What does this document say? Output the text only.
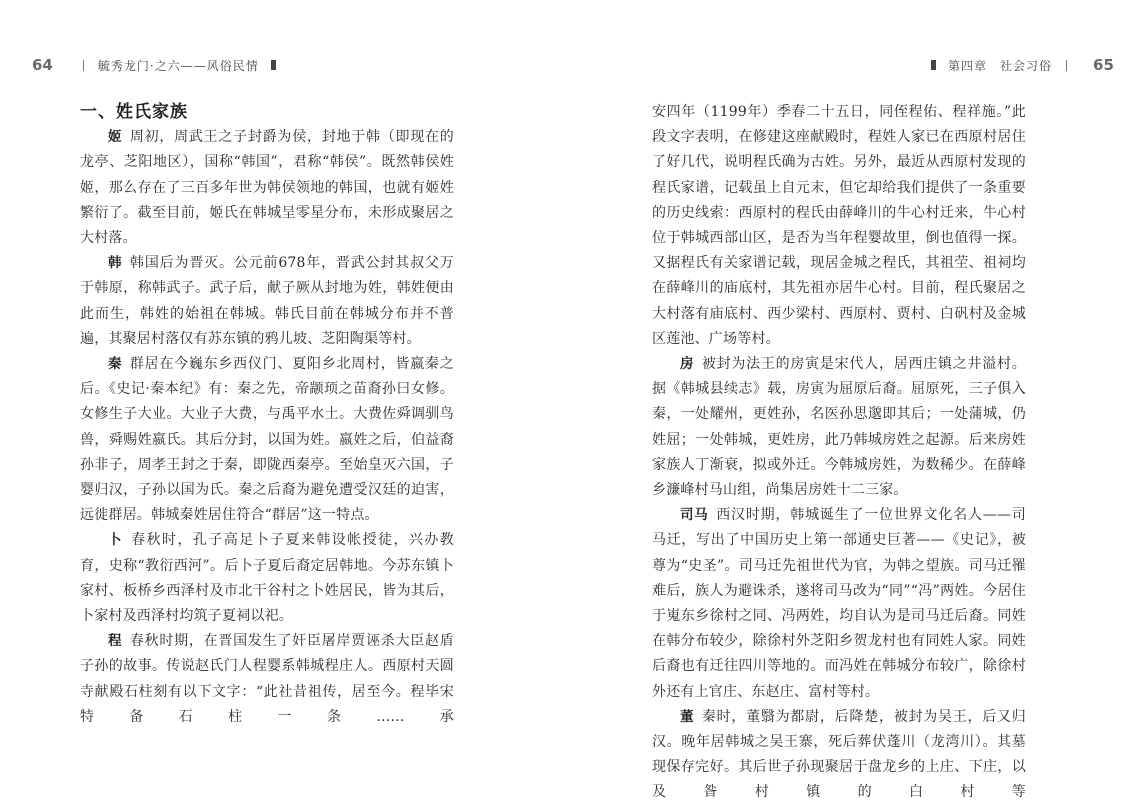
64	毓秀龙门·之六——风俗民情

一、姓氏家族

姬 周初，周武王之子封爵为侯，封地于韩（即现在的龙亭、芝阳地区），国称“韩国”，君称“韩侯”。既然韩侯姓姬，那么存在了三百多年世为韩侯领地的韩国，也就有姬姓繁衍了。截至目前，姬氏在韩城呈零星分布，未形成聚居之大村落。

韩 韩国后为晋灭。公元前678年，晋武公封其叔父万于韩原，称韩武子。武子后，献子厥从封地为姓，韩姓便由此而生，韩姓的始祖在韩城。韩氏目前在韩城分布并不普遍，其聚居村落仅有苏东镇的鸦儿坡、芝阳陶渠等村。

秦 群居在今巍东乡西仪门、夏阳乡北周村，皆嬴秦之后。《史记·秦本纪》有：秦之先，帝颛顼之苗裔孙曰女修。女修生子大业。大业子大费，与禹平水土。大费佐舜调驯鸟兽，舜赐姓嬴氏。其后分封，以国为姓。嬴姓之后，伯益裔孙非子，周孝王封之于秦，即陇西秦亭。至始皇灭六国，子婴归汉，子孙以国为氏。秦之后裔为避免遭受汉廷的迫害，远徙群居。韩城秦姓居住符合“群居”这一特点。

卜 春秋时，孔子高足卜子夏来韩设帐授徒，兴办教育，史称“教衍西河”。后卜子夏后裔定居韩地。今苏东镇卜家村、板桥乡西泽村及市北干谷村之卜姓居民，皆为其后，卜家村及西泽村均筑子夏祠以祀。

程 春秋时期，在晋国发生了奸臣屠岸贾诬杀大臣赵盾子孙的故事。传说赵氏门人程婴系韩城程庄人。西原村天圆寺献殿石柱刻有以下文字：“此社昔祖传，居至今。程毕宋特备石柱一条……承

第四章　社会习俗	65

安四年（1199年）季春二十五日，同侄程佑、程祥施。”此段文字表明，在修建这座献殿时，程姓人家已在西原村居住了好几代，说明程氏确为古姓。另外，最近从西原村发现的程氏家谱，记载虽上自元末，但它却给我们提供了一条重要的历史线索：西原村的程氏由薛峰川的牛心村迁来，牛心村位于韩城西部山区，是否为当年程婴故里，倒也值得一探。又据程氏有关家谱记载，现居金城之程氏，其祖茔、祖祠均在薛峰川的庙底村，其先祖亦居牛心村。目前，程氏聚居之大村落有庙底村、西少梁村、西原村、贾村、白矾村及金城区莲池、广场等村。

房 被封为法王的房寅是宋代人，居西庄镇之井溢村。据《韩城县续志》载，房寅为屈原后裔。屈原死，三子俱入秦，一处耀州，更姓孙，名医孙思邈即其后；一处蒲城，仍姓屈；一处韩城，更姓房，此乃韩城房姓之起源。后来房姓家族人丁渐衰，拟或外迁。今韩城房姓，为数稀少。在薛峰乡濂峰村马山组，尚集居房姓十二三家。

司马 西汉时期，韩城诞生了一位世界文化名人——司马迁，写出了中国历史上第一部通史巨著——《史记》，被尊为“史圣”。司马迁先祖世代为官，为韩之望族。司马迁罹难后，族人为避诛杀，遂将司马改为“同”“冯”两姓。今居住于嵬东乡徐村之同、冯两姓，均自认为是司马迁后裔。同姓在韩分布较少，除徐村外芝阳乡贺龙村也有同姓人家。同姓后裔也有迁往四川等地的。而冯姓在韩城分布较广，除徐村外还有上官庄、东赵庄、富村等村。

董 秦时，董翳为都尉，后降楚，被封为吴王，后又归汉。晚年居韩城之吴王寨，死后葬伏蓬川（龙湾川）。其墓现保存完好。其后世子孙现聚居于盘龙乡的上庄、下庄，以及昝村镇的白村等
